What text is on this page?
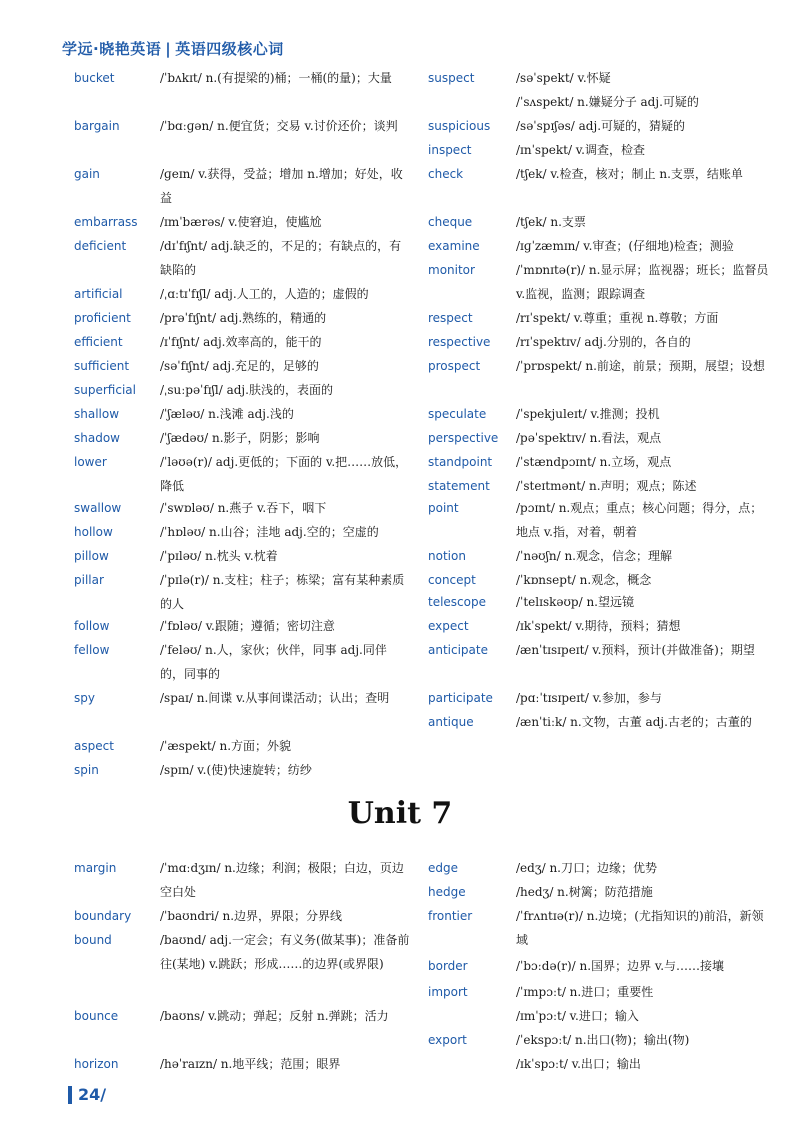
学远·晓艳英语 | 英语四级核心词
bucket	/ˈbʌkɪt/ n.(有提梁的)桶；一桶(的量)；大量
bargain	/ˈbɑːɡən/ n.便宜货；交易 v.讨价还价；谈判
gain	/ɡeɪn/ v.获得，受益；增加 n.增加；好处，收益
embarrass /ɪmˈbærəs/ v.使窘迫，使尴尬
deficient	/dɪˈfɪʃnt/ adj.缺乏的，不足的；有缺点的，有缺陷的
artificial	/ˌɑːtɪˈfɪʃl/ adj.人工的，人造的；虚假的
proficient /prəˈfɪʃnt/ adj.熟练的，精通的
efficient	/ɪˈfɪʃnt/ adj.效率高的，能干的
sufficient	/səˈfɪʃnt/ adj.充足的，足够的
superficial /ˌsuːpəˈfɪʃl/ adj.肤浅的，表面的
shallow	/ˈʃæləʊ/ n.浅滩 adj.浅的
shadow	/ˈʃædəʊ/ n.影子，阴影；影响
lower	/ˈləʊə(r)/ adj.更低的；下面的 v.把……放低，降低
swallow	/ˈswɒləʊ/ n.燕子 v.吞下，咽下
hollow	/ˈhɒləʊ/ n.山谷；洼地 adj.空的；空虚的
pillow	/ˈpɪləʊ/ n.枕头 v.枕着
pillar	/ˈpɪlə(r)/ n.支柱；柱子；栋梁；富有某种素质的人
follow	/ˈfɒləʊ/ v.跟随；遵循；密切注意
fellow	/ˈfeləʊ/ n.人，家伙；伙伴，同事 adj.同伴的，同事的
spy	/spaɪ/ n.间谍 v.从事间谍活动；认出；查明
aspect	/ˈæspekt/ n.方面；外貌
spin	/spɪn/ v.(使)快速旋转；纺纱
suspect	/səˈspekt/ v.怀疑
/ˈsʌspekt/ n.嫌疑分子 adj.可疑的
suspicious /səˈspɪʃəs/ adj.可疑的，猜疑的
inspect	/ɪnˈspekt/ v.调查，检查
check	/tʃek/ v.检查，核对；制止 n.支票，结账单
cheque	/tʃek/ n.支票
examine	/ɪɡˈzæmɪn/ v.审查；(仔细地)检查；测验
monitor	/ˈmɒnɪtə(r)/ n.显示屏；监视器；班长；监督员 v.监视，监测；跟踪调查
respect	/rɪˈspekt/ v.尊重；重视 n.尊敬；方面
respective /rɪˈspektɪv/ adj.分别的，各自的
prospect	/ˈprɒspekt/ n.前途，前景；预期，展望；设想
speculate /ˈspekjuleɪt/ v.推测；投机
perspective /pəˈspektɪv/ n.看法，观点
standpoint /ˈstændpɔɪnt/ n.立场，观点
statement /ˈsteɪtmənt/ n.声明；观点；陈述
point	/pɔɪnt/ n.观点；重点；核心问题；得分，点；地点 v.指，对着，朝着
notion	/ˈnəʊʃn/ n.观念，信念；理解
concept	/ˈkɒnsept/ n.观念，概念
telescope	/ˈtelɪskəʊp/ n.望远镜
expect	/ɪkˈspekt/ v.期待，预料；猜想
anticipate /ænˈtɪsɪpeɪt/ v.预料，预计(并做准备)；期望
participate /pɑːˈtɪsɪpeɪt/ v.参加，参与
antique	/ænˈtiːk/ n.文物，古董 adj.古老的；古董的
Unit 7
margin	/ˈmɑːdʒɪn/ n.边缘；利润；极限；白边，页边空白处
boundary /ˈbaʊndri/ n.边界，界限；分界线
bound	/baʊnd/ adj.一定会；有义务(做某事)；准备前往(某地) v.跳跃；形成……的边界(或界限)
bounce	/baʊns/ v.跳动；弹起；反射 n.弹跳；活力
horizon	/həˈraɪzn/ n.地平线；范围；眼界
edge	/edʒ/ n.刀口；边缘；优势
hedge	/hedʒ/ n.树篱；防范措施
frontier	/ˈfrʌntɪə(r)/ n.边境；(尤指知识的)前沿，新领域
border	/ˈbɔːdə(r)/ n.国界；边界 v.与……接壤
import	/ˈɪmpɔːt/ n.进口；重要性
/ɪmˈpɔːt/ v.进口；输入
export	/ˈekspɔːt/ n.出口(物)；输出(物)
/ɪkˈspɔːt/ v.出口；输出
24/
